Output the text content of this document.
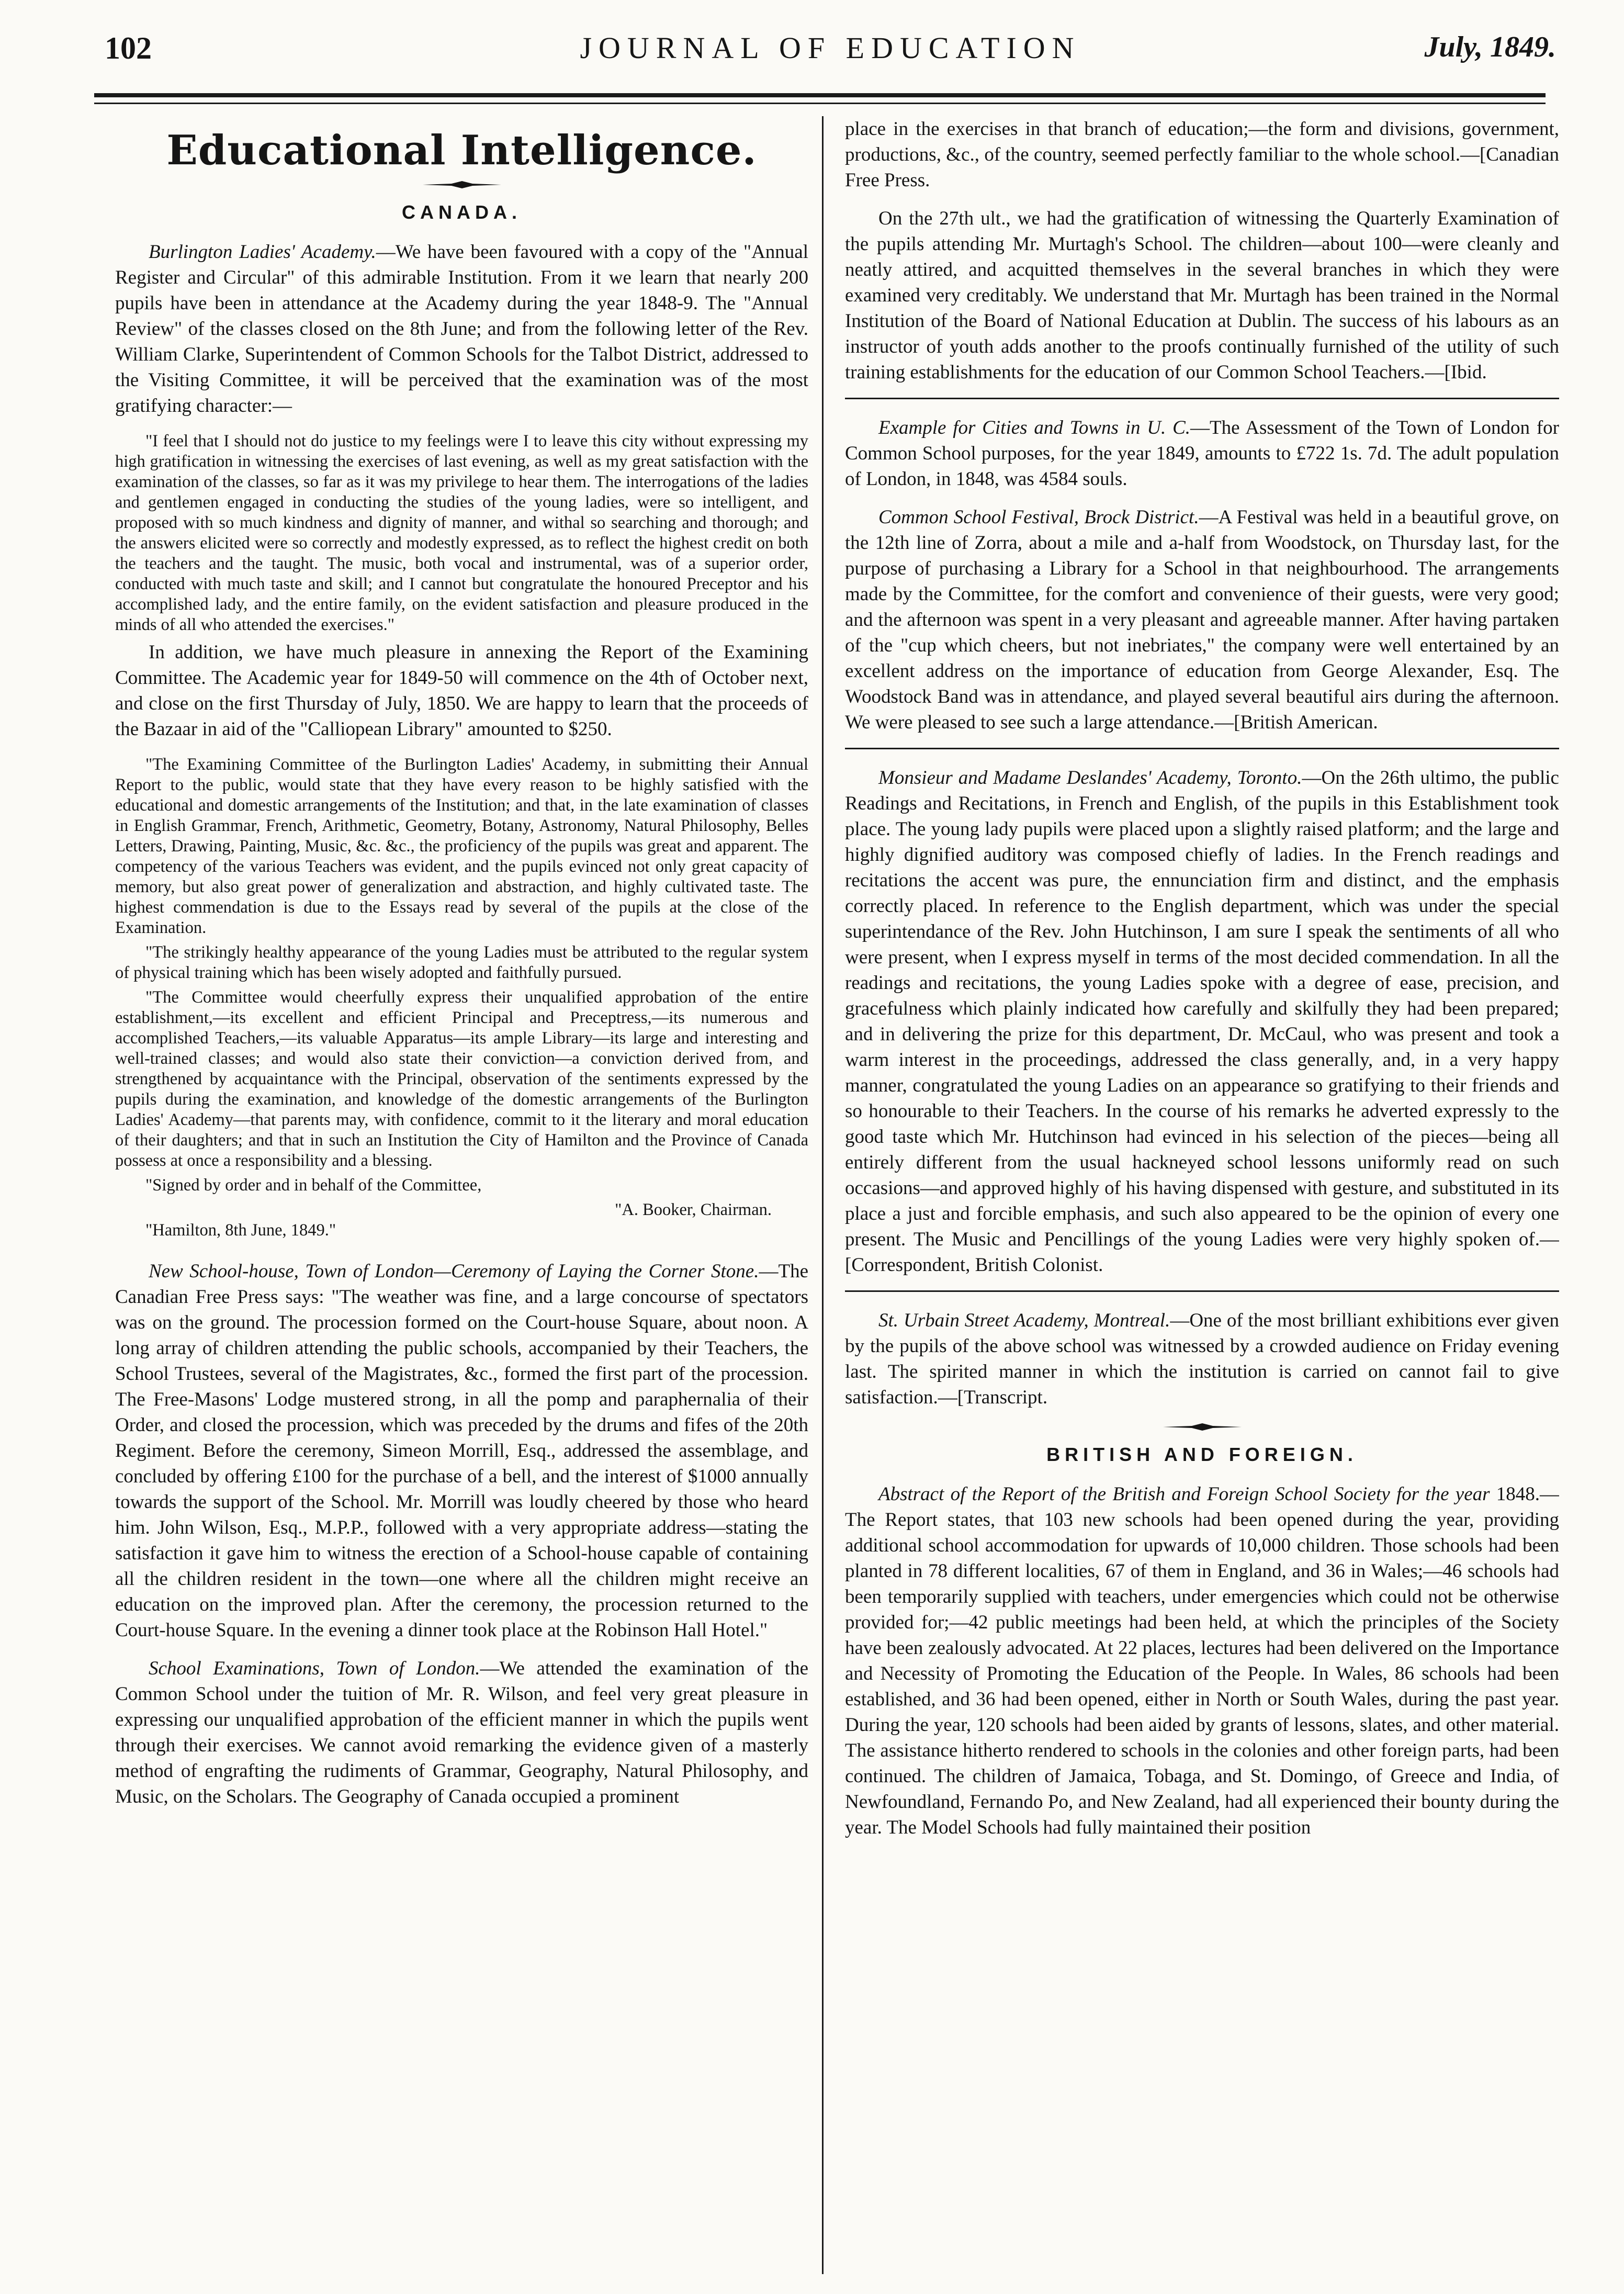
102	JOURNAL OF EDUCATION	July, 1849.
Educational Intelligence.
CANADA.

Burlington Ladies' Academy.—We have been favoured with a copy of the "Annual Register and Circular" of this admirable Institution. From it we learn that nearly 200 pupils have been in attendance at the Academy during the year 1848-9. The "Annual Review" of the classes closed on the 8th June; and from the following letter of the Rev. William Clarke, Superintendent of Common Schools for the Talbot District, addressed to the Visiting Committee, it will be perceived that the examination was of the most gratifying character:—

"I feel that I should not do justice to my feelings were I to leave this city without expressing my high gratification in witnessing the exercises of last evening, as well as my great satisfaction with the examination of the classes, so far as it was my privilege to hear them. The interrogations of the ladies and gentlemen engaged in conducting the studies of the young ladies, were so intelligent, and proposed with so much kindness and dignity of manner, and withal so searching and thorough; and the answers elicited were so correctly and modestly expressed, as to reflect the highest credit on both the teachers and the taught. The music, both vocal and instrumental, was of a superior order, conducted with much taste and skill; and I cannot but congratulate the honoured Preceptor and his accomplished lady, and the entire family, on the evident satisfaction and pleasure produced in the minds of all who attended the exercises."

In addition, we have much pleasure in annexing the Report of the Examining Committee. The Academic year for 1849-50 will commence on the 4th of October next, and close on the first Thursday of July, 1850. We are happy to learn that the proceeds of the Bazaar in aid of the "Calliopean Library" amounted to $250.

"The Examining Committee of the Burlington Ladies' Academy, in submitting their Annual Report to the public, would state that they have every reason to be highly satisfied with the educational and domestic arrangements of the Institution; and that, in the late examination of classes in English Grammar, French, Arithmetic, Geometry, Botany, Astronomy, Natural Philosophy, Belles Letters, Drawing, Painting, Music, &c. &c., the proficiency of the pupils was great and apparent. The competency of the various Teachers was evident, and the pupils evinced not only great capacity of memory, but also great power of generalization and abstraction, and highly cultivated taste. The highest commendation is due to the Essays read by several of the pupils at the close of the Examination.

"The strikingly healthy appearance of the young Ladies must be attributed to the regular system of physical training which has been wisely adopted and faithfully pursued.

"The Committee would cheerfully express their unqualified approbation of the entire establishment,—its excellent and efficient Principal and Preceptress,—its numerous and accomplished Teachers,—its valuable Apparatus—its ample Library—its large and interesting and well-trained classes; and would also state their conviction—a conviction derived from, and strengthened by acquaintance with the Principal, observation of the sentiments expressed by the pupils during the examination, and knowledge of the domestic arrangements of the Burlington Ladies' Academy—that parents may, with confidence, commit to it the literary and moral education of their daughters; and that in such an Institution the City of Hamilton and the Province of Canada possess at once a responsibility and a blessing.

"Signed by order and in behalf of the Committee,

"A. Booker, Chairman.

"Hamilton, 8th June, 1849."

New School-house, Town of London—Ceremony of Laying the Corner Stone.—The Canadian Free Press says: "The weather was fine, and a large concourse of spectators was on the ground. The procession formed on the Court-house Square, about noon. A long array of children attending the public schools, accompanied by their Teachers, the School Trustees, several of the Magistrates, &c., formed the first part of the procession. The Free-Masons' Lodge mustered strong, in all the pomp and paraphernalia of their Order, and closed the procession, which was preceded by the drums and fifes of the 20th Regiment. Before the ceremony, Simeon Morrill, Esq., addressed the assemblage, and concluded by offering £100 for the purchase of a bell, and the interest of $1000 annually towards the support of the School. Mr. Morrill was loudly cheered by those who heard him. John Wilson, Esq., M.P.P., followed with a very appropriate address—stating the satisfaction it gave him to witness the erection of a School-house capable of containing all the children resident in the town—one where all the children might receive an education on the improved plan. After the ceremony, the procession returned to the Court-house Square. In the evening a dinner took place at the Robinson Hall Hotel."

School Examinations, Town of London.—We attended the examination of the Common School under the tuition of Mr. R. Wilson, and feel very great pleasure in expressing our unqualified approbation of the efficient manner in which the pupils went through their exercises. We cannot avoid remarking the evidence given of a masterly method of engrafting the rudiments of Grammar, Geography, Natural Philosophy, and Music, on the Scholars. The Geography of Canada occupied a prominent

place in the exercises in that branch of education;—the form and divisions, government, productions, &c., of the country, seemed perfectly familiar to the whole school.—[Canadian Free Press.

On the 27th ult., we had the gratification of witnessing the Quarterly Examination of the pupils attending Mr. Murtagh's School. The children—about 100—were cleanly and neatly attired, and acquitted themselves in the several branches in which they were examined very creditably. We understand that Mr. Murtagh has been trained in the Normal Institution of the Board of National Education at Dublin. The success of his labours as an instructor of youth adds another to the proofs continually furnished of the utility of such training establishments for the education of our Common School Teachers.—[Ibid.

Example for Cities and Towns in U. C.—The Assessment of the Town of London for Common School purposes, for the year 1849, amounts to £722 1s. 7d. The adult population of London, in 1848, was 4584 souls.

Common School Festival, Brock District.—A Festival was held in a beautiful grove, on the 12th line of Zorra, about a mile and a-half from Woodstock, on Thursday last, for the purpose of purchasing a Library for a School in that neighbourhood. The arrangements made by the Committee, for the comfort and convenience of their guests, were very good; and the afternoon was spent in a very pleasant and agreeable manner. After having partaken of the "cup which cheers, but not inebriates," the company were well entertained by an excellent address on the importance of education from George Alexander, Esq. The Woodstock Band was in attendance, and played several beautiful airs during the afternoon. We were pleased to see such a large attendance.—[British American.

Monsieur and Madame Deslandes' Academy, Toronto.—On the 26th ultimo, the public Readings and Recitations, in French and English, of the pupils in this Establishment took place. The young lady pupils were placed upon a slightly raised platform; and the large and highly dignified auditory was composed chiefly of ladies. In the French readings and recitations the accent was pure, the ennunciation firm and distinct, and the emphasis correctly placed. In reference to the English department, which was under the special superintendance of the Rev. John Hutchinson, I am sure I speak the sentiments of all who were present, when I express myself in terms of the most decided commendation. In all the readings and recitations, the young Ladies spoke with a degree of ease, precision, and gracefulness which plainly indicated how carefully and skilfully they had been prepared; and in delivering the prize for this department, Dr. McCaul, who was present and took a warm interest in the proceedings, addressed the class generally, and, in a very happy manner, congratulated the young Ladies on an appearance so gratifying to their friends and so honourable to their Teachers. In the course of his remarks he adverted expressly to the good taste which Mr. Hutchinson had evinced in his selection of the pieces—being all entirely different from the usual hackneyed school lessons uniformly read on such occasions—and approved highly of his having dispensed with gesture, and substituted in its place a just and forcible emphasis, and such also appeared to be the opinion of every one present. The Music and Pencillings of the young Ladies were very highly spoken of.—[Correspondent, British Colonist.

St. Urbain Street Academy, Montreal.—One of the most brilliant exhibitions ever given by the pupils of the above school was witnessed by a crowded audience on Friday evening last. The spirited manner in which the institution is carried on cannot fail to give satisfaction.—[Transcript.

BRITISH AND FOREIGN.

Abstract of the Report of the British and Foreign School Society for the year 1848.—The Report states, that 103 new schools had been opened during the year, providing additional school accommodation for upwards of 10,000 children. Those schools had been planted in 78 different localities, 67 of them in England, and 36 in Wales;—46 schools had been temporarily supplied with teachers, under emergencies which could not be otherwise provided for;—42 public meetings had been held, at which the principles of the Society have been zealously advocated. At 22 places, lectures had been delivered on the Importance and Necessity of Promoting the Education of the People. In Wales, 86 schools had been established, and 36 had been opened, either in North or South Wales, during the past year. During the year, 120 schools had been aided by grants of lessons, slates, and other material. The assistance hitherto rendered to schools in the colonies and other foreign parts, had been continued. The children of Jamaica, Tobaga, and St. Domingo, of Greece and India, of Newfoundland, Fernando Po, and New Zealand, had all experienced their bounty during the year. The Model Schools had fully maintained their position
